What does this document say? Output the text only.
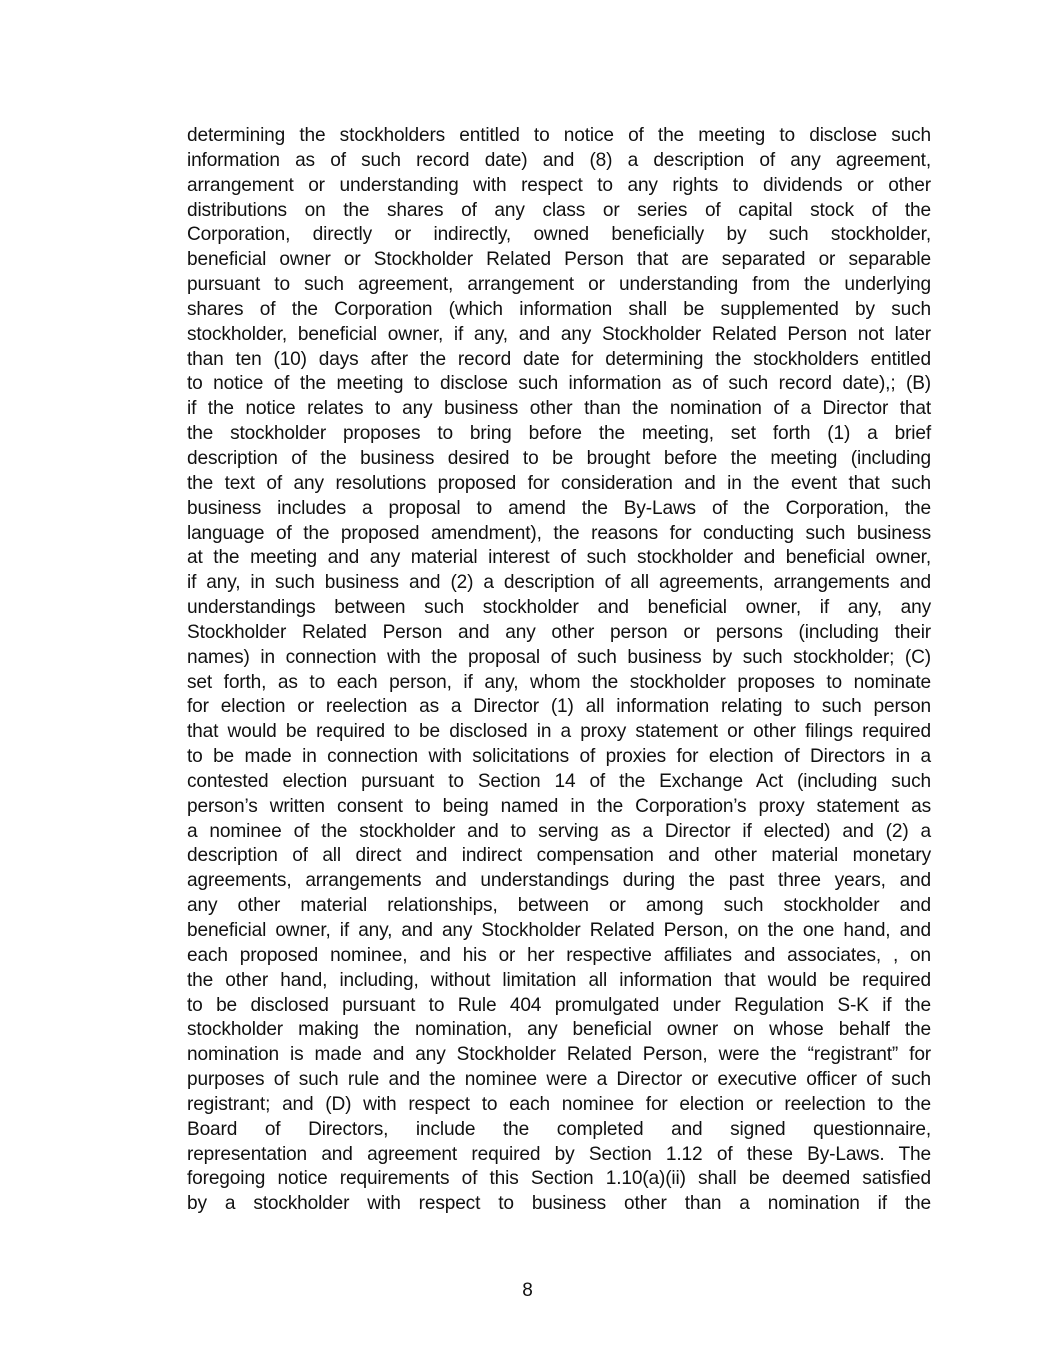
determining the stockholders entitled to notice of the meeting to disclose such
information as of such record date) and (8) a description of any agreement,
arrangement or understanding with respect to any rights to dividends or other
distributions on the shares of any class or series of capital stock of the
Corporation, directly or indirectly, owned beneficially by such stockholder,
beneficial owner or Stockholder Related Person that are separated or separable
pursuant to such agreement, arrangement or understanding from the underlying
shares of the Corporation (which information shall be supplemented by such
stockholder, beneficial owner, if any, and any Stockholder Related Person not later
than ten (10) days after the record date for determining the stockholders entitled
to notice of the meeting to disclose such information as of such record date),; (B)
if the notice relates to any business other than the nomination of a Director that
the stockholder proposes to bring before the meeting, set forth (1) a brief
description of the business desired to be brought before the meeting (including
the text of any resolutions proposed for consideration and in the event that such
business includes a proposal to amend the By-Laws of the Corporation, the
language of the proposed amendment), the reasons for conducting such business
at the meeting and any material interest of such stockholder and beneficial owner,
if any, in such business and (2) a description of all agreements, arrangements and
understandings between such stockholder and beneficial owner, if any, any
Stockholder Related Person and any other person or persons (including their
names) in connection with the proposal of such business by such stockholder; (C)
set forth, as to each person, if any, whom the stockholder proposes to nominate
for election or reelection as a Director (1) all information relating to such person
that would be required to be disclosed in a proxy statement or other filings required
to be made in connection with solicitations of proxies for election of Directors in a
contested election pursuant to Section 14 of the Exchange Act (including such
person’s written consent to being named in the Corporation’s proxy statement as
a nominee of the stockholder and to serving as a Director if elected) and (2) a
description of all direct and indirect compensation and other material monetary
agreements, arrangements and understandings during the past three years, and
any other material relationships, between or among such stockholder and
beneficial owner, if any, and any Stockholder Related Person, on the one hand, and
each proposed nominee, and his or her respective affiliates and associates, , on
the other hand, including, without limitation all information that would be required
to be disclosed pursuant to Rule 404 promulgated under Regulation S-K if the
stockholder making the nomination, any beneficial owner on whose behalf the
nomination is made and any Stockholder Related Person, were the “registrant” for
purposes of such rule and the nominee were a Director or executive officer of such
registrant; and (D) with respect to each nominee for election or reelection to the
Board of Directors, include the completed and signed questionnaire,
representation and agreement required by Section 1.12 of these By-Laws. The
foregoing notice requirements of this Section 1.10(a)(ii) shall be deemed satisfied
by a stockholder with respect to business other than a nomination if the
8
